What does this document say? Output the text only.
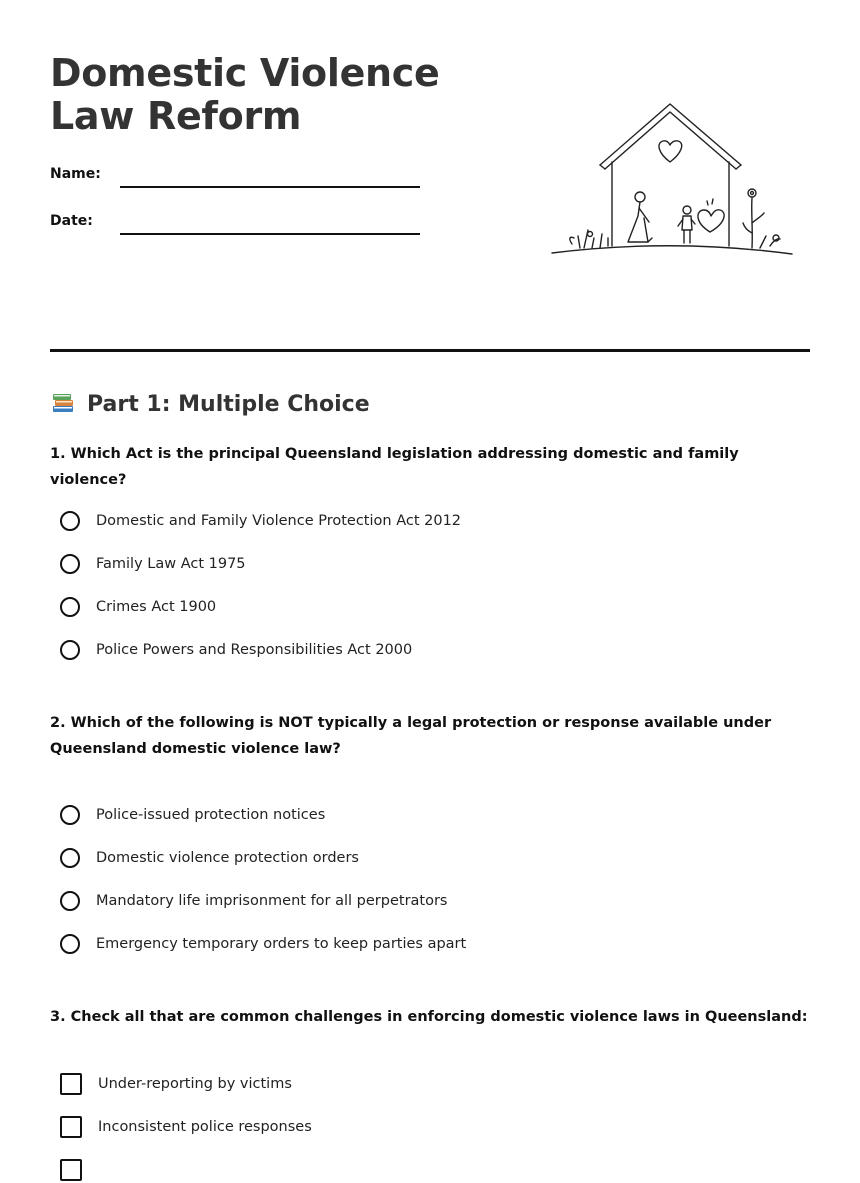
Domestic Violence Law Reform
Name:
Date:
Part 1: Multiple Choice
1. Which Act is the principal Queensland legislation addressing domestic and family violence?
Domestic and Family Violence Protection Act 2012
Family Law Act 1975
Crimes Act 1900
Police Powers and Responsibilities Act 2000
2. Which of the following is NOT typically a legal protection or response available under Queensland domestic violence law?
Police-issued protection notices
Domestic violence protection orders
Mandatory life imprisonment for all perpetrators
Emergency temporary orders to keep parties apart
3. Check all that are common challenges in enforcing domestic violence laws in Queensland:
Under-reporting by victims
Inconsistent police responses
